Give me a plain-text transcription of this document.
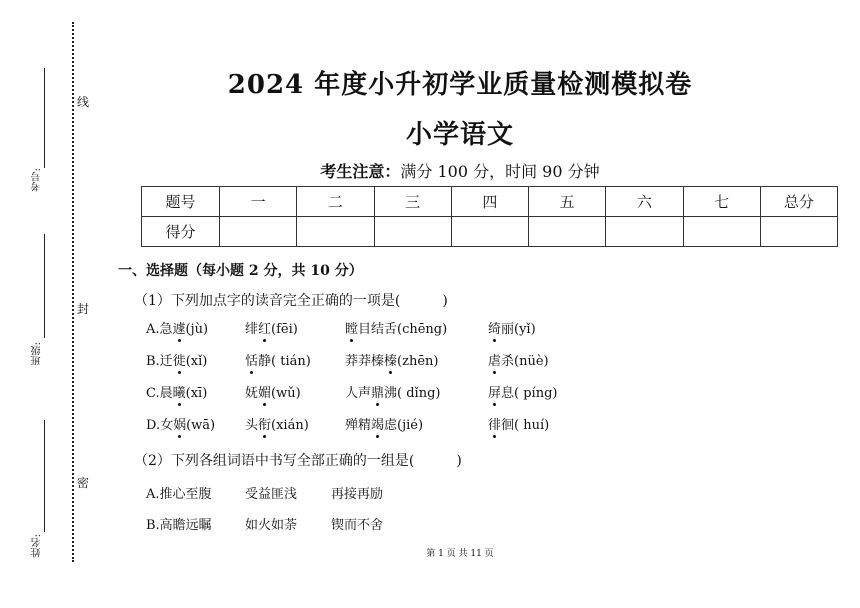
线
封
密
考号:
班级:
姓名:
2024 年度小升初学业质量检测模拟卷
小学语文
考生注意：满分 100 分，时间 90 分钟
题号	一	二	三	四	五	六	七	总分
得分								
一、选择题（每小题 2 分，共 10 分）
（1）下列加点字的读音完全正确的一项是(　　　)
A.急遽(jù)	绯红(fēi)	瞠目结舌(chēng)	绮丽(yǐ)
B.迁徙(xǐ)	恬静( tián)	莽莽榛榛(zhēn)	虐杀(nüè)
C.晨曦(xī)	妩媚(wǔ)	人声鼎沸( dǐng)	屏息( píng)
D.女娲(wā) 头衔(xián)	殚精竭虑(jié)	徘徊( huí)
（2）下列各组词语中书写全部正确的一组是(　　　)
A.推心至腹	受益匪浅	再接再励
B.高瞻远瞩	如火如荼	锲而不舍
第 1 页 共 11 页
